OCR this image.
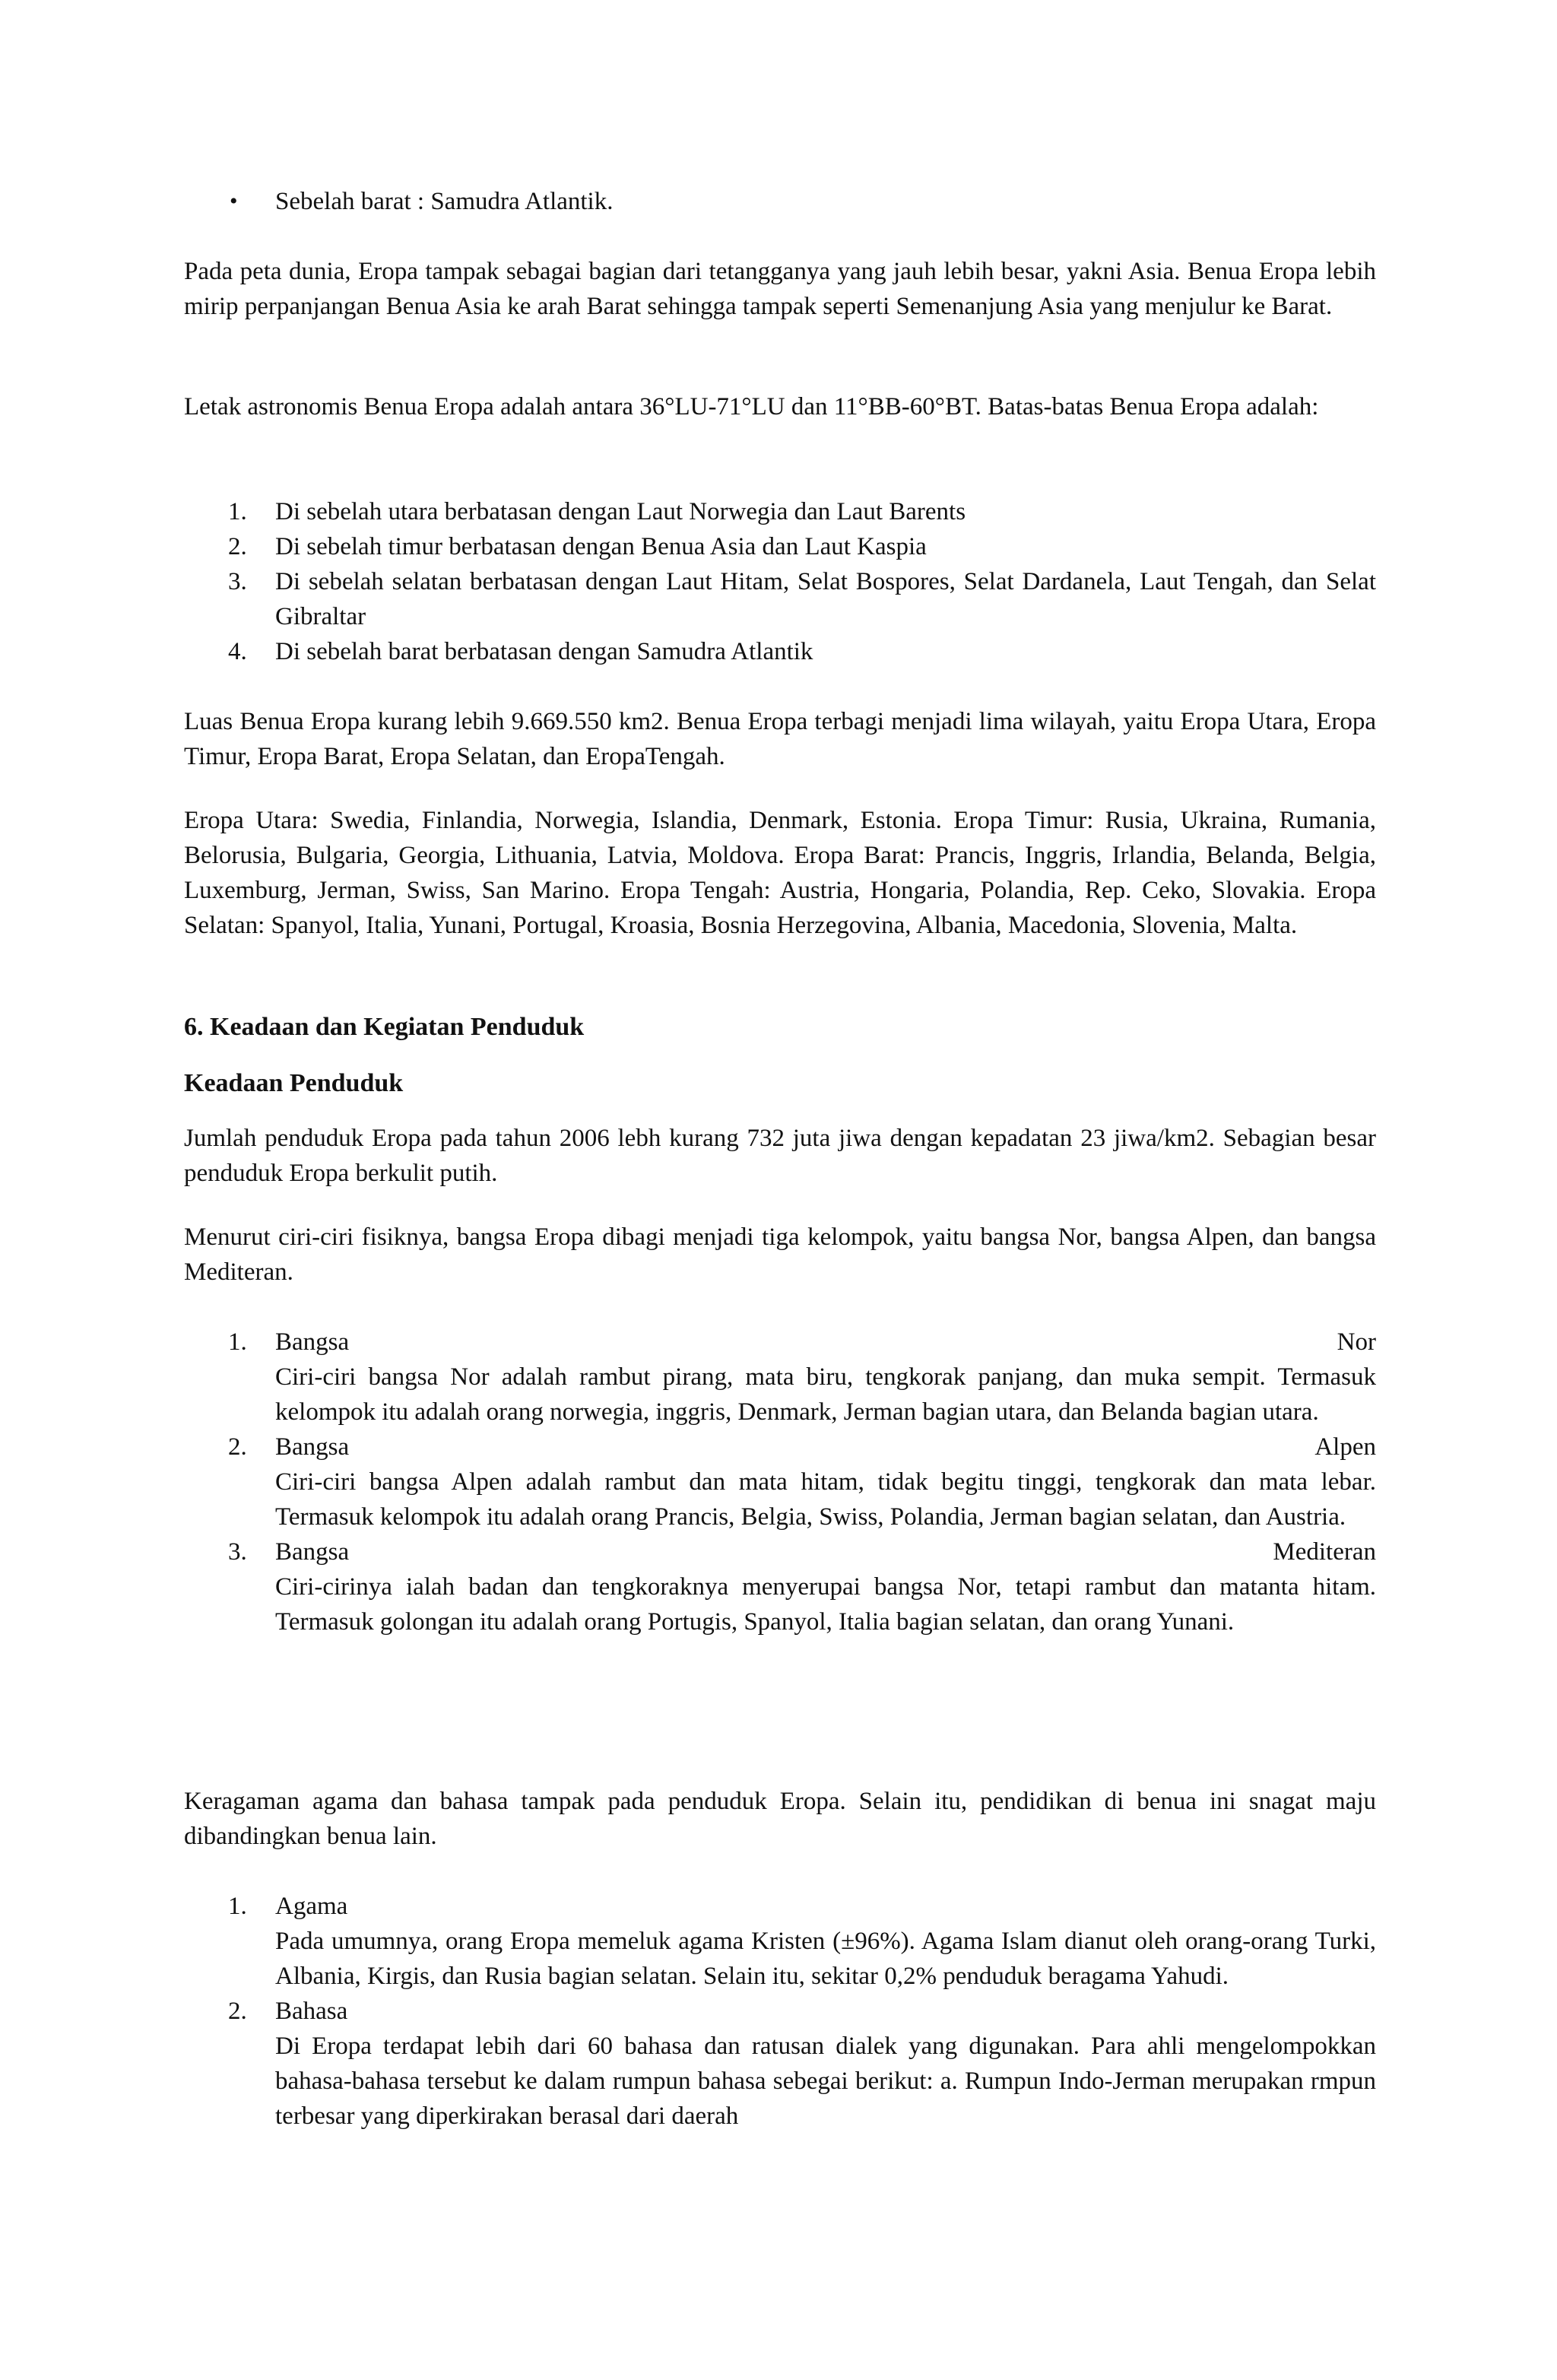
•	Sebelah barat : Samudra Atlantik.

Pada peta dunia, Eropa tampak sebagai bagian dari tetangganya yang jauh lebih besar, yakni Asia. Benua Eropa lebih mirip perpanjangan Benua Asia ke arah Barat sehingga tampak seperti Semenanjung Asia yang menjulur ke Barat.

Letak astronomis Benua Eropa adalah antara 36°LU-71°LU dan 11°BB-60°BT. Batas-batas Benua Eropa adalah:

1.	Di sebelah utara berbatasan dengan Laut Norwegia dan Laut Barents
2.	Di sebelah timur berbatasan dengan Benua Asia dan Laut Kaspia
3.	Di sebelah selatan berbatasan dengan Laut Hitam, Selat Bospores, Selat Dardanela, Laut Tengah, dan Selat Gibraltar
4.	Di sebelah barat berbatasan dengan Samudra Atlantik

Luas Benua Eropa kurang lebih 9.669.550 km2. Benua Eropa terbagi menjadi lima wilayah, yaitu Eropa Utara, Eropa Timur, Eropa Barat, Eropa Selatan, dan EropaTengah.

Eropa Utara: Swedia, Finlandia, Norwegia, Islandia, Denmark, Estonia. Eropa Timur: Rusia, Ukraina, Rumania, Belorusia, Bulgaria, Georgia, Lithuania, Latvia, Moldova. Eropa Barat: Prancis, Inggris, Irlandia, Belanda, Belgia, Luxemburg, Jerman, Swiss, San Marino. Eropa Tengah: Austria, Hongaria, Polandia, Rep. Ceko, Slovakia. Eropa Selatan: Spanyol, Italia, Yunani, Portugal, Kroasia, Bosnia Herzegovina, Albania, Macedonia, Slovenia, Malta.

6. Keadaan dan Kegiatan Penduduk
Keadaan Penduduk

Jumlah penduduk Eropa pada tahun 2006 lebh kurang 732 juta jiwa dengan kepadatan 23 jiwa/km2. Sebagian besar penduduk Eropa berkulit putih.

Menurut ciri-ciri fisiknya, bangsa Eropa dibagi menjadi tiga kelompok, yaitu bangsa Nor, bangsa Alpen, dan bangsa Mediteran.

1.	Bangsa	Nor
Ciri-ciri bangsa Nor adalah rambut pirang, mata biru, tengkorak panjang, dan muka sempit. Termasuk kelompok itu adalah orang norwegia, inggris, Denmark, Jerman bagian utara, dan Belanda bagian utara.
2.	Bangsa	Alpen
Ciri-ciri bangsa Alpen adalah rambut dan mata hitam, tidak begitu tinggi, tengkorak dan mata lebar. Termasuk kelompok itu adalah orang Prancis, Belgia, Swiss, Polandia, Jerman bagian selatan, dan Austria.
3.	Bangsa	Mediteran
Ciri-cirinya ialah badan dan tengkoraknya menyerupai bangsa Nor, tetapi rambut dan matanta hitam. Termasuk golongan itu adalah orang Portugis, Spanyol, Italia bagian selatan, dan orang Yunani.

Keragaman agama dan bahasa tampak pada penduduk Eropa. Selain itu, pendidikan di benua ini snagat maju dibandingkan benua lain.

1.	Agama
Pada umumnya, orang Eropa memeluk agama Kristen (±96%). Agama Islam dianut oleh orang-orang Turki, Albania, Kirgis, dan Rusia bagian selatan. Selain itu, sekitar 0,2% penduduk beragama Yahudi.
2.	Bahasa
Di Eropa terdapat lebih dari 60 bahasa dan ratusan dialek yang digunakan. Para ahli mengelompokkan bahasa-bahasa tersebut ke dalam rumpun bahasa sebegai berikut: a. Rumpun Indo-Jerman merupakan rmpun terbesar yang diperkirakan berasal dari daerah
